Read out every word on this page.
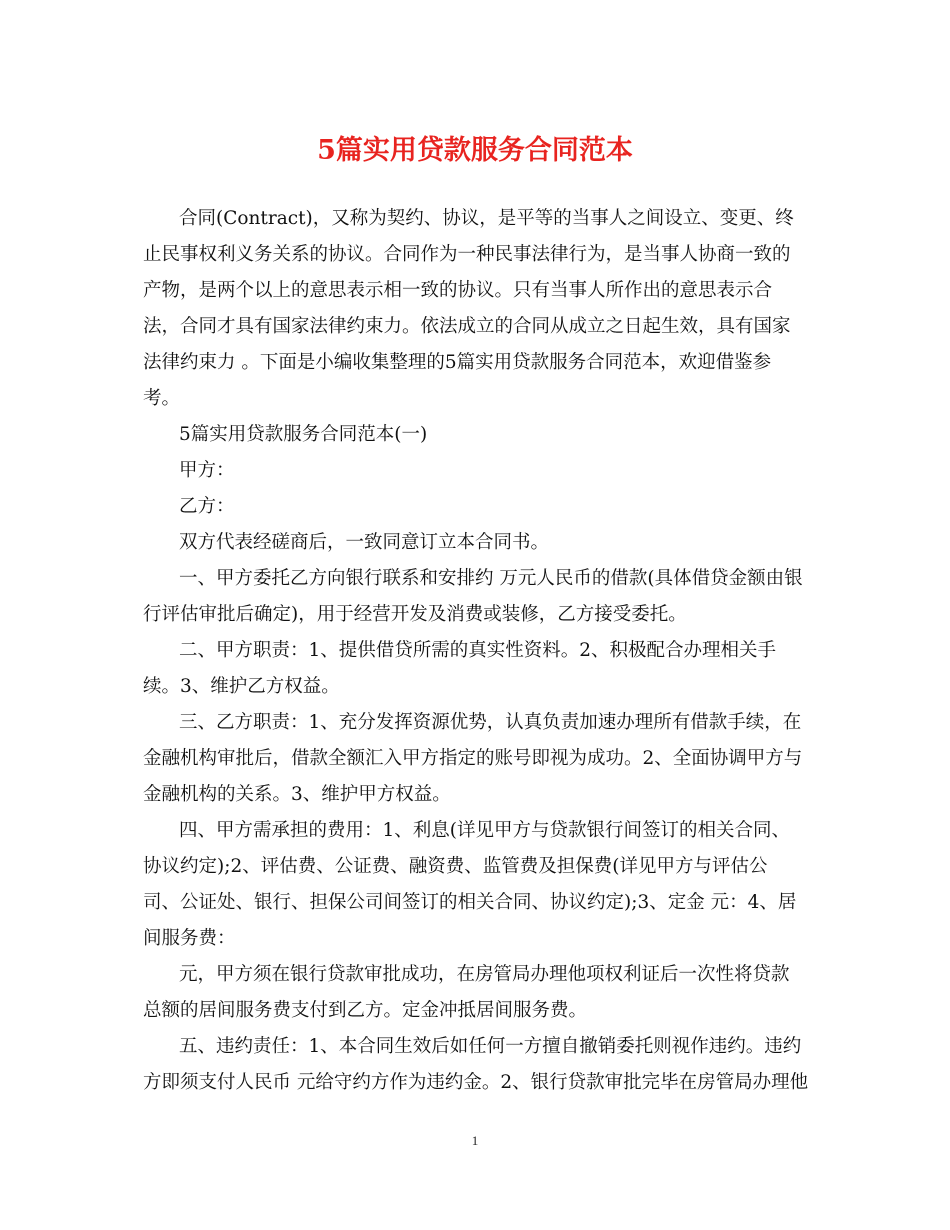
5篇实用贷款服务合同范本
合同(Contract)，又称为契约、协议，是平等的当事人之间设立、变更、终
止民事权利义务关系的协议。合同作为一种民事法律行为，是当事人协商一致的
产物，是两个以上的意思表示相一致的协议。只有当事人所作出的意思表示合
法，合同才具有国家法律约束力。依法成立的合同从成立之日起生效，具有国家
法律约束力 。下面是小编收集整理的5篇实用贷款服务合同范本，欢迎借鉴参
考。
5篇实用贷款服务合同范本(一)
甲方：
乙方：
双方代表经磋商后，一致同意订立本合同书。
一、甲方委托乙方向银行联系和安排约 万元人民币的借款(具体借贷金额由银
行评估审批后确定)，用于经营开发及消费或装修，乙方接受委托。
二、甲方职责：1、提供借贷所需的真实性资料。2、积极配合办理相关手
续。3、维护乙方权益。
三、乙方职责：1、充分发挥资源优势，认真负责加速办理所有借款手续，在
金融机构审批后，借款全额汇入甲方指定的账号即视为成功。2、全面协调甲方与
金融机构的关系。3、维护甲方权益。
四、甲方需承担的费用：1、利息(详见甲方与贷款银行间签订的相关合同、
协议约定);2、评估费、公证费、融资费、监管费及担保费(详见甲方与评估公
司、公证处、银行、担保公司间签订的相关合同、协议约定);3、定金 元：4、居
间服务费：
元，甲方须在银行贷款审批成功，在房管局办理他项权利证后一次性将贷款
总额的居间服务费支付到乙方。定金冲抵居间服务费。
五、违约责任：1、本合同生效后如任何一方擅自撤销委托则视作违约。违约
方即须支付人民币 元给守约方作为违约金。2、银行贷款审批完毕在房管局办理他
1
